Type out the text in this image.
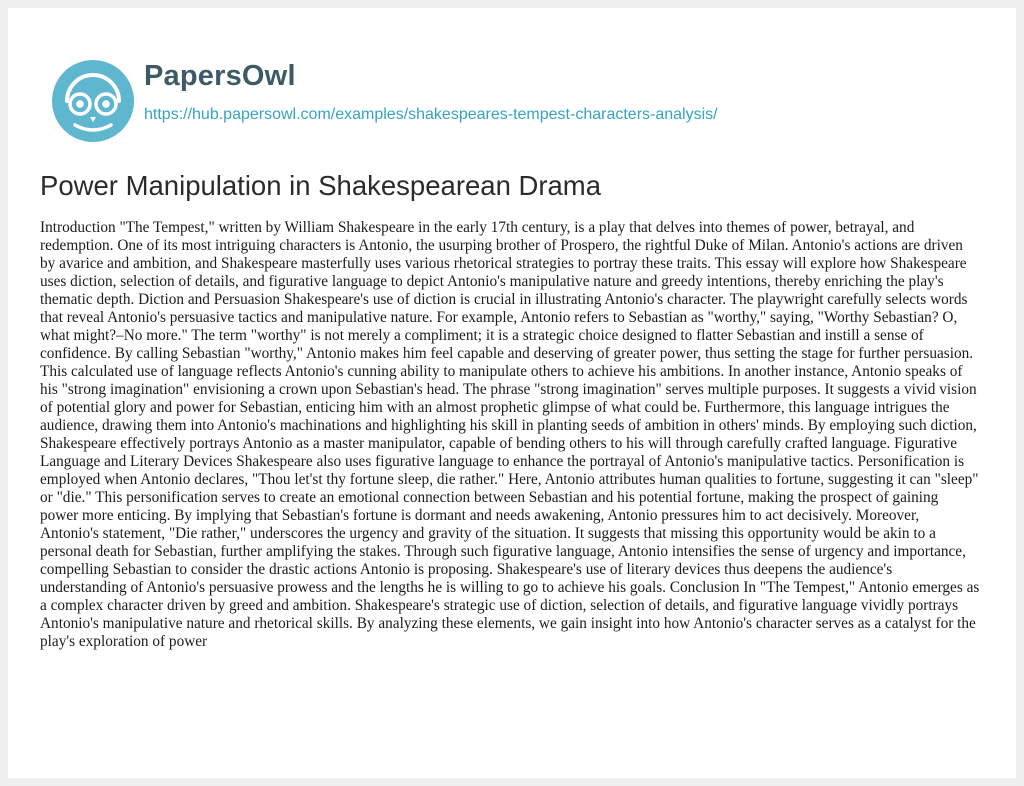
PapersOwl
https://hub.papersowl.com/examples/shakespeares-tempest-characters-analysis/
Power Manipulation in Shakespearean Drama

Introduction "The Tempest," written by William Shakespeare in the early 17th century, is a play that delves into themes of power, betrayal, and redemption. One of its most intriguing characters is Antonio, the usurping brother of Prospero, the rightful Duke of Milan. Antonio's actions are driven by avarice and ambition, and Shakespeare masterfully uses various rhetorical strategies to portray these traits. This essay will explore how Shakespeare uses diction, selection of details, and figurative language to depict Antonio's manipulative nature and greedy intentions, thereby enriching the play's thematic depth. Diction and Persuasion Shakespeare's use of diction is crucial in illustrating Antonio's character. The playwright carefully selects words that reveal Antonio's persuasive tactics and manipulative nature. For example, Antonio refers to Sebastian as "worthy," saying, "Worthy Sebastian? O, what might?–No more." The term "worthy" is not merely a compliment; it is a strategic choice designed to flatter Sebastian and instill a sense of confidence. By calling Sebastian "worthy," Antonio makes him feel capable and deserving of greater power, thus setting the stage for further persuasion. This calculated use of language reflects Antonio's cunning ability to manipulate others to achieve his ambitions. In another instance, Antonio speaks of his "strong imagination" envisioning a crown upon Sebastian's head. The phrase "strong imagination" serves multiple purposes. It suggests a vivid vision of potential glory and power for Sebastian, enticing him with an almost prophetic glimpse of what could be. Furthermore, this language intrigues the audience, drawing them into Antonio's machinations and highlighting his skill in planting seeds of ambition in others' minds. By employing such diction, Shakespeare effectively portrays Antonio as a master manipulator, capable of bending others to his will through carefully crafted language. Figurative Language and Literary Devices Shakespeare also uses figurative language to enhance the portrayal of Antonio's manipulative tactics. Personification is employed when Antonio declares, "Thou let'st thy fortune sleep, die rather." Here, Antonio attributes human qualities to fortune, suggesting it can "sleep" or "die." This personification serves to create an emotional connection between Sebastian and his potential fortune, making the prospect of gaining power more enticing. By implying that Sebastian's fortune is dormant and needs awakening, Antonio pressures him to act decisively. Moreover, Antonio's statement, "Die rather," underscores the urgency and gravity of the situation. It suggests that missing this opportunity would be akin to a personal death for Sebastian, further amplifying the stakes. Through such figurative language, Antonio intensifies the sense of urgency and importance, compelling Sebastian to consider the drastic actions Antonio is proposing. Shakespeare's use of literary devices thus deepens the audience's understanding of Antonio's persuasive prowess and the lengths he is willing to go to achieve his goals. Conclusion In "The Tempest," Antonio emerges as a complex character driven by greed and ambition. Shakespeare's strategic use of diction, selection of details, and figurative language vividly portrays Antonio's manipulative nature and rhetorical skills. By analyzing these elements, we gain insight into how Antonio's character serves as a catalyst for the play's exploration of power
